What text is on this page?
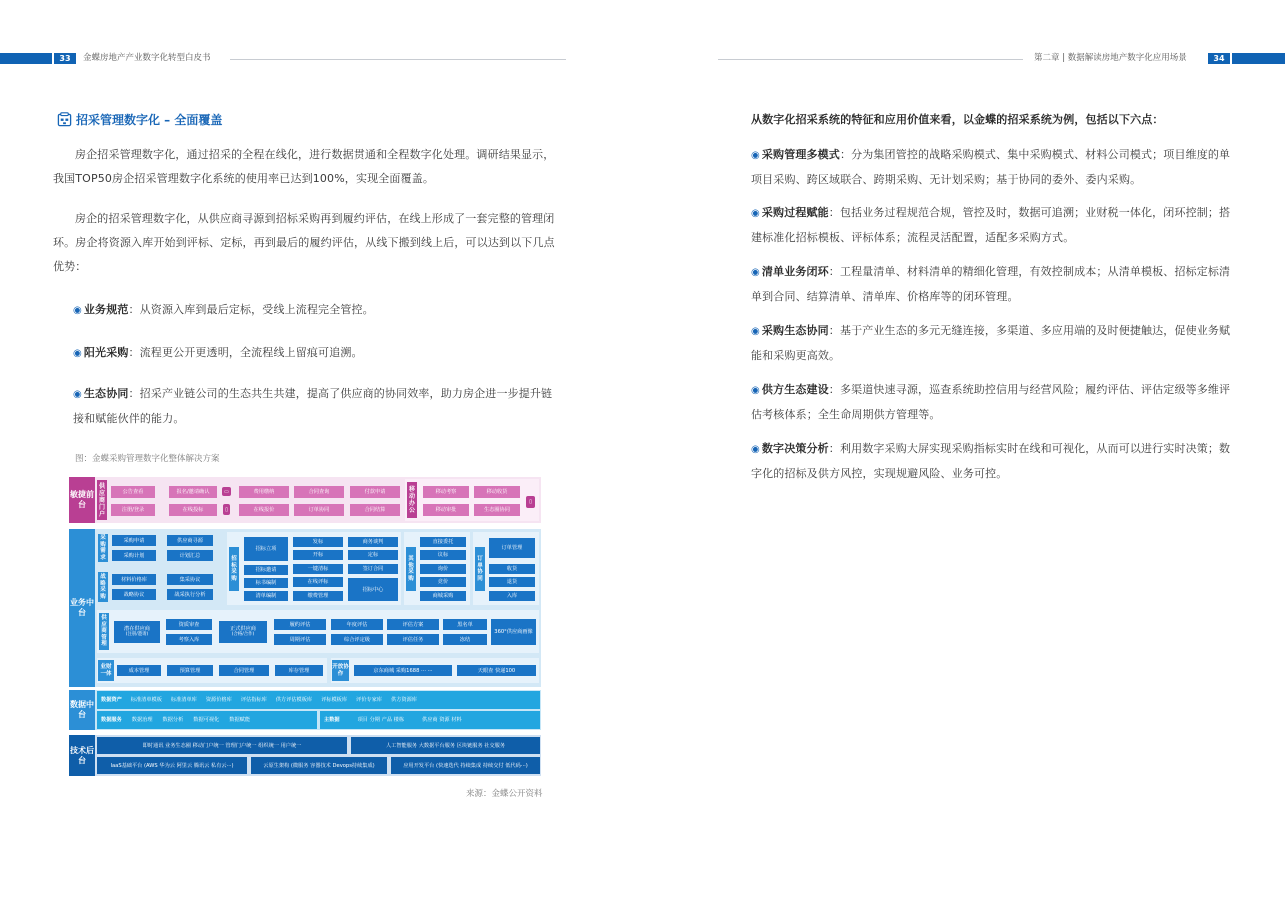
33	金蝶房地产产业数字化转型白皮书	第二章 | 数据解读房地产数字化应用场景	34
招采管理数字化 – 全面覆盖
房企招采管理数字化，通过招采的全程在线化，进行数据贯通和全程数字化处理。调研结果显示，我国TOP50房企招采管理数字化系统的使用率已达到100%，实现全面覆盖。
房企的招采管理数字化，从供应商寻源到招标采购再到履约评估，在线上形成了一套完整的管理闭环。房企将资源入库开始到评标、定标，再到最后的履约评估，从线下搬到线上后，可以达到以下几点优势：
◉ 业务规范：从资源入库到最后定标，受线上流程完全管控。
◉ 阳光采购：流程更公开更透明，全流程线上留痕可追溯。
◉ 生态协同：招采产业链公司的生态共生共建，提高了供应商的协同效率，助力房企进一步提升链接和赋能伙伴的能力。
图：金蝶采购管理数字化整体解决方案
敏捷前台
供应商门户
公告查看	报名/邀请确认	▭	费用缴纳	合同查询	付款申请
注册/登录	在线投标	▯	在线报价	订单协同	合同结算
移动办公
移动考察	移动收货
移动审批	生态圈协同
▯
业务中台
采购需求
采购申请	供应商寻源
采购计划	计划汇总
战略采购
材料价格库	集采协议
战略协议	战采执行分析
招标采购
招标立项
招标邀请
标书编制
清单编制
发标
开标
一键清标
在线评标
缴费管理
商务谈判
定标
签订合同
招标中心
其他采购
直接委托
议标
询价
竞价
商城采购
订单协同
订单管理
收货
退货
入库
供应商管理
潜在供应商
(注册/邀请)
资质审查
考察入库
正式供应商
(合格/合作)
履约评估
周期评估
年度评估
综合评定级
评估方案
评估任务
黑名单
冻结
360°供应商画像
业财一体	成本管理	预算管理	合同管理	库存管理
开放协作	京东商城 采购1688 ··· ···	天眼查 快递100
数据中台
数据资产 标准清单模板 标准清单库 资源价格库 评估指标库 供方评估模板库 评标模板库 评价专家库 供方资源库
数据服务 数据治理 数据分析 数据可视化 数据赋能	主数据	项目 分期 产品 楼栋	供应商 资源 材料
技术后台
即时通讯 业务生态圈 移动门户统一 管理门户统一 组织统一 用户统一	人工智能服务 大数据平台服务 区块链服务 社交服务
IaaS基础平台 (AWS 华为云 阿里云 腾讯云 私有云···)	云原生架构 (微服务 容器技术 Devops持续集成)	应用开发平台 (快速迭代 持续集成 持续交付 低代码···)
来源：金蝶公开资料
从数字化招采系统的特征和应用价值来看，以金蝶的招采系统为例，包括以下六点：
◉ 采购管理多模式：分为集团管控的战略采购模式、集中采购模式、材料公司模式；项目维度的单项目采购、跨区域联合、跨期采购、无计划采购；基于协同的委外、委内采购。
◉ 采购过程赋能：包括业务过程规范合规，管控及时，数据可追溯；业财税一体化，闭环控制；搭建标准化招标模板、评标体系；流程灵活配置，适配多采购方式。
◉ 清单业务闭环：工程量清单、材料清单的精细化管理，有效控制成本；从清单模板、招标定标清单到合同、结算清单、清单库、价格库等的闭环管理。
◉ 采购生态协同：基于产业生态的多元无缝连接，多渠道、多应用端的及时便捷触达，促使业务赋能和采购更高效。
◉ 供方生态建设：多渠道快速寻源，巡查系统助控信用与经营风险；履约评估、评估定级等多维评估考核体系；全生命周期供方管理等。
◉ 数字决策分析：利用数字采购大屏实现采购指标实时在线和可视化，从而可以进行实时决策；数字化的招标及供方风控，实现规避风险、业务可控。
